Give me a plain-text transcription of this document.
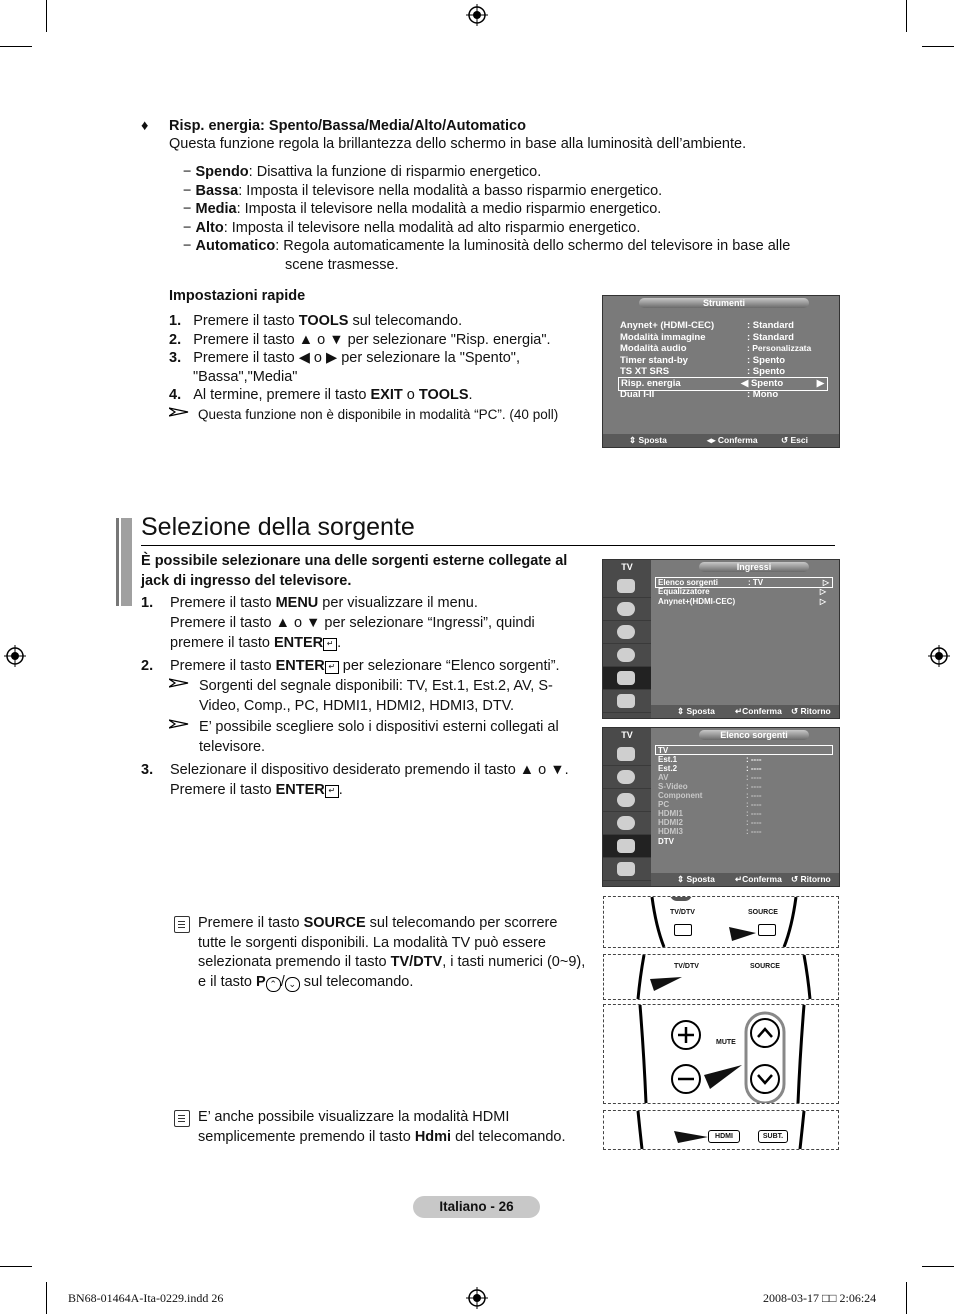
♦ Risp. energia: Spento/Bassa/Media/Alto/Automatico
Questa funzione regola la brillantezza dello schermo in base alla luminosità dell’ambiente.
− Spendo: Disattiva la funzione di risparmio energetico.
− Bassa: Imposta il televisore nella modalità a basso risparmio energetico.
− Media: Imposta il televisore nella modalità a medio risparmio energetico.
− Alto: Imposta il televisore nella modalità ad alto risparmio energetico.
− Automatico: Regola automaticamente la luminosità dello schermo del televisore in base alle
scene trasmesse.
Impostazioni rapide
1. Premere il tasto TOOLS sul telecomando.
2. Premere il tasto ▲ o ▼ per selezionare "Risp. energia".
3. Premere il tasto ◀ o ▶ per selezionare la "Spento",
"Bassa","Media"
4. Al termine, premere il tasto EXIT o TOOLS.
Questa funzione non è disponibile in modalità “PC”. (40 poll)
Strumenti
Anynet+ (HDMI-CEC)	: Standard
Modalità immagine	: Standard
Modalità audio	: Personalizzata
Timer stand-by	: Spento
TS XT SRS	: Spento
Risp. energia	◀ Spento	▶
Dual I-II	: Mono
⇕ Sposta	◂▸ Conferma	↺ Esci
Selezione della sorgente
È possibile selezionare una delle sorgenti esterne collegate al
jack di ingresso del televisore.
1. Premere il tasto MENU per visualizzare il menu.
Premere il tasto ▲ o ▼ per selezionare “Ingressi”, quindi
premere il tasto ENTER ↵ .
2. Premere il tasto ENTER ↵ per selezionare “Elenco sorgenti”.
Sorgenti del segnale disponibili: TV, Est.1, Est.2, AV, S-
Video, Comp., PC, HDMI1, HDMI2, HDMI3, DTV.
E’ possibile scegliere solo i dispositivi esterni collegati al
televisore.
3. Selezionare il dispositivo desiderato premendo il tasto ▲ o ▼.
Premere il tasto ENTER ↵ .
TV	Ingressi
Elenco sorgenti	: TV	▷
Equalizzatore	▷
Anynet+(HDMI-CEC)	▷
⇕ Sposta ↵Conferma ↺ Ritorno
TV	Elenco sorgenti
TV
Est.1	: ----
Est.2	: ----
AV	: ----
S-Video	: ----
Component	: ----
PC	: ----
HDMI1	: ----
HDMI2	: ----
HDMI3	: ----
DTV
⇕ Sposta ↵Conferma ↺ Ritorno
Premere il tasto SOURCE sul telecomando per scorrere
tutte le sorgenti disponibili. La modalità TV può essere
selezionata premendo il tasto TV/DTV, i tasti numerici (0~9),
e il tasto P ⌃ / ⌄ sul telecomando.
TV/DTV	SOURCE
TV/DTV	SOURCE
MUTE
E’ anche possibile visualizzare la modalità HDMI
semplicemente premendo il tasto Hdmi del telecomando.	HDMI	SUBT.
Italiano - 26
BN68-01464A-Ita-0229.indd 26	2008-03-17 □□ 2:06:24
